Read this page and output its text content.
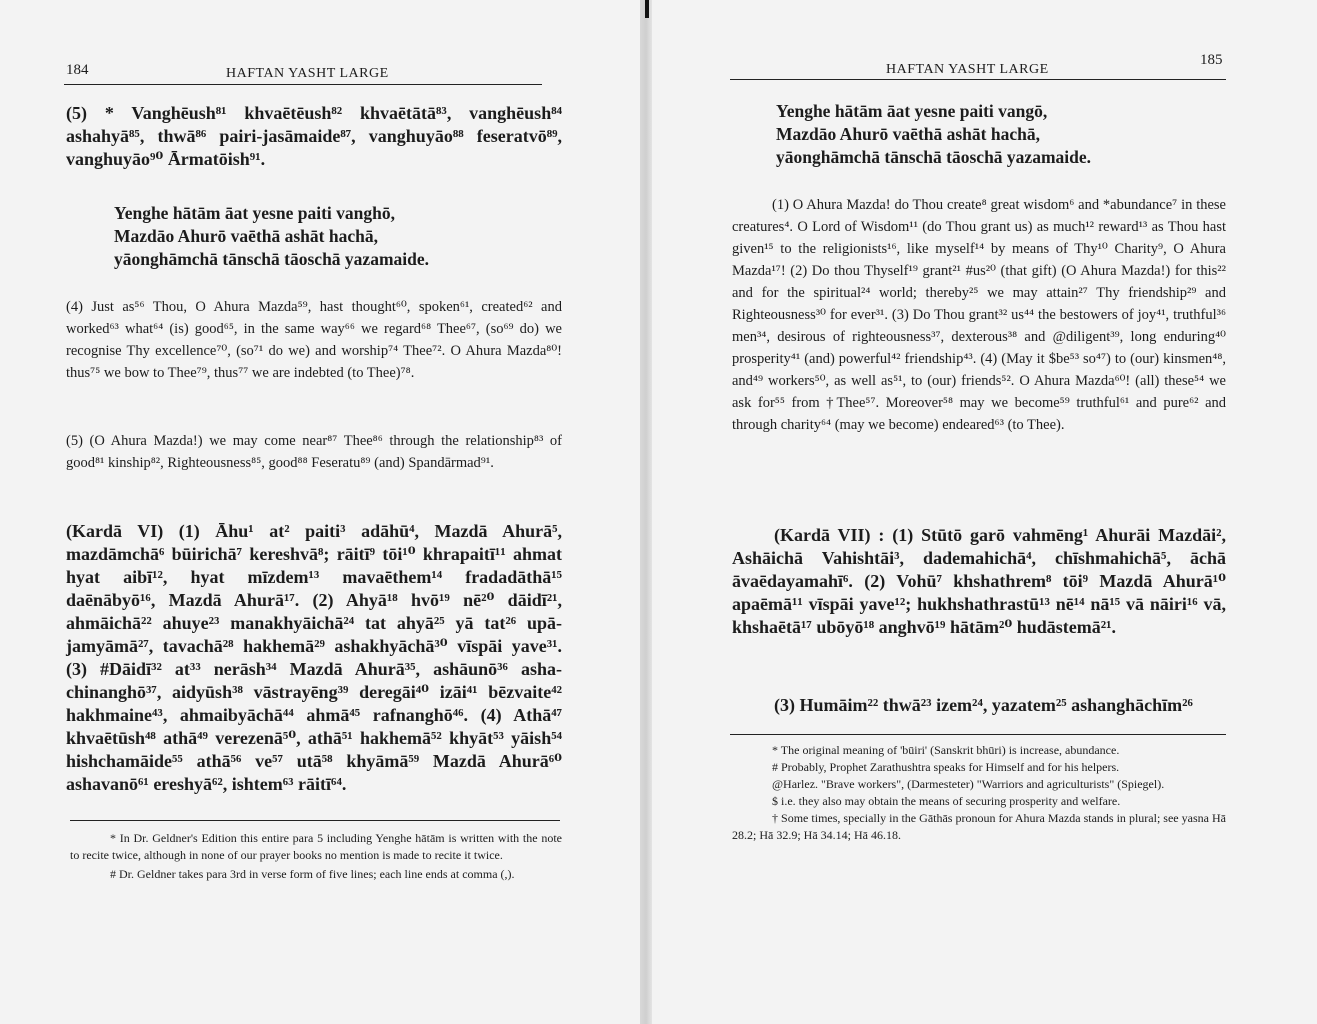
184	HAFTAN YASHT LARGE
(5) * Vanghēush⁸¹ khvaētēush⁸² khvaētātā⁸³, vanghēush⁸⁴ ashahyā⁸⁵, thwā⁸⁶ pairi-jasāmaide⁸⁷, vanghuyāo⁸⁸ feseratvō⁸⁹, vanghuyāo⁹⁰ Ārmatōish⁹¹.
Yenghe hātām āat yesne paiti vanghō,
Mazdāo Ahurō vaēthā ashāt hachā,
yāonghāmchā tānschā tāoschā yazamaide.

(4) Just as⁵⁶ Thou, O Ahura Mazda⁵⁹, hast thought⁶⁰, spoken⁶¹, created⁶² and worked⁶³ what⁶⁴ (is) good⁶⁵, in the same way⁶⁶ we regard⁶⁸ Thee⁶⁷, (so⁶⁹ do) we recognise Thy excellence⁷⁰, (so⁷¹ do we) and worship⁷⁴ Thee⁷². O Ahura Mazda⁸⁰! thus⁷⁵ we bow to Thee⁷⁹, thus⁷⁷ we are indebted (to Thee)⁷⁸.

(5) (O Ahura Mazda!) we may come near⁸⁷ Thee⁸⁶ through the relationship⁸³ of good⁸¹ kinship⁸², Righteousness⁸⁵, good⁸⁸ Feseratu⁸⁹ (and) Spandārmad⁹¹.

(Kardā VI) (1) Āhu¹ at² paiti³ adāhū⁴, Mazdā Ahurā⁵, mazdāmchā⁶ būirichā⁷ kereshvā⁸; rāitī⁹ tōi¹⁰ khrapaitī¹¹ ahmat hyat aibī¹², hyat mīzdem¹³ mavaēthem¹⁴ fradadāthā¹⁵ daēnābyō¹⁶, Mazdā Ahurā¹⁷. (2) Ahyā¹⁸ hvō¹⁹ nē²⁰ dāidī²¹, ahmāichā²² ahuye²³ manakhyāichā²⁴ tat ahyā²⁵ yā tat²⁶ upā-jamyāmā²⁷, tavachā²⁸ hakhemā²⁹ ashakhyāchā³⁰ vīspāi yave³¹. (3) #Dāidī³² at³³ nerāsh³⁴ Mazdā Ahurā³⁵, ashāunō³⁶ asha-chinanghō³⁷, aidyūsh³⁸ vāstrayēng³⁹ deregāi⁴⁰ izāi⁴¹ bēzvaite⁴² hakhmaine⁴³, ahmaibyāchā⁴⁴ ahmā⁴⁵ rafnanghō⁴⁶. (4) Athā⁴⁷ khvaētūsh⁴⁸ athā⁴⁹ verezenā⁵⁰, athā⁵¹ hakhemā⁵² khyāt⁵³ yāish⁵⁴ hishchamāide⁵⁵ athā⁵⁶ ve⁵⁷ utā⁵⁸ khyāmā⁵⁹ Mazdā Ahurā⁶⁰ ashavanō⁶¹ ereshyā⁶², ishtem⁶³ rāitī⁶⁴.

* In Dr. Geldner's Edition this entire para 5 including Yenghe hātām is written with the note to recite twice, although in none of our prayer books no mention is made to recite it twice.

# Dr. Geldner takes para 3rd in verse form of five lines; each line ends at comma (,).

HAFTAN YASHT LARGE
185
Yenghe hātām āat yesne paiti vangō,
Mazdāo Ahurō vaēthā ashāt hachā,
yāonghāmchā tānschā tāoschā yazamaide.

(1) O Ahura Mazda! do Thou create⁸ great wisdom⁶ and *abundance⁷ in these creatures⁴. O Lord of Wisdom¹¹ (do Thou grant us) as much¹² reward¹³ as Thou hast given¹⁵ to the religionists¹⁶, like myself¹⁴ by means of Thy¹⁰ Charity⁹, O Ahura Mazda¹⁷! (2) Do thou Thyself¹⁹ grant²¹ #us²⁰ (that gift) (O Ahura Mazda!) for this²² and for the spiritual²⁴ world; thereby²⁵ we may attain²⁷ Thy friendship²⁹ and Righteousness³⁰ for ever³¹. (3) Do Thou grant³² us⁴⁴ the bestowers of joy⁴¹, truthful³⁶ men³⁴, desirous of righteousness³⁷, dexterous³⁸ and @diligent³⁹, long enduring⁴⁰ prosperity⁴¹ (and) powerful⁴² friendship⁴³. (4) (May it $be⁵³ so⁴⁷) to (our) kinsmen⁴⁸, and⁴⁹ workers⁵⁰, as well as⁵¹, to (our) friends⁵². O Ahura Mazda⁶⁰! (all) these⁵⁴ we ask for⁵⁵ from †Thee⁵⁷. Moreover⁵⁸ may we become⁵⁹ truthful⁶¹ and pure⁶² and through charity⁶⁴ (may we become) endeared⁶³ (to Thee).

(Kardā VII) : (1) Stūtō garō vahmēng¹ Ahurāi Mazdāi², Ashāichā Vahishtāi³, dademahichā⁴, chīshmahichā⁵, āchā āvaēdayamahī⁶. (2) Vohū⁷ khshathrem⁸ tōi⁹ Mazdā Ahurā¹⁰ apaēmā¹¹ vīspāi yave¹²; hukhshathrastū¹³ nē¹⁴ nā¹⁵ vā nāiri¹⁶ vā, khshaētā¹⁷ ubōyō¹⁸ anghvō¹⁹ hātām²⁰ hudāstemā²¹.

(3) Humāim²² thwā²³ izem²⁴, yazatem²⁵ ashanghāchīm²⁶

* The original meaning of 'būiri' (Sanskrit bhūri) is increase, abundance.

# Probably, Prophet Zarathushtra speaks for Himself and for his helpers.

@Harlez. "Brave workers", (Darmesteter) "Warriors and agriculturists" (Spiegel).

$ i.e. they also may obtain the means of securing prosperity and welfare.

† Some times, specially in the Gāthās pronoun for Ahura Mazda stands in plural; see yasna Hā 28.2; Hā 32.9; Hā 34.14; Hā 46.18.
